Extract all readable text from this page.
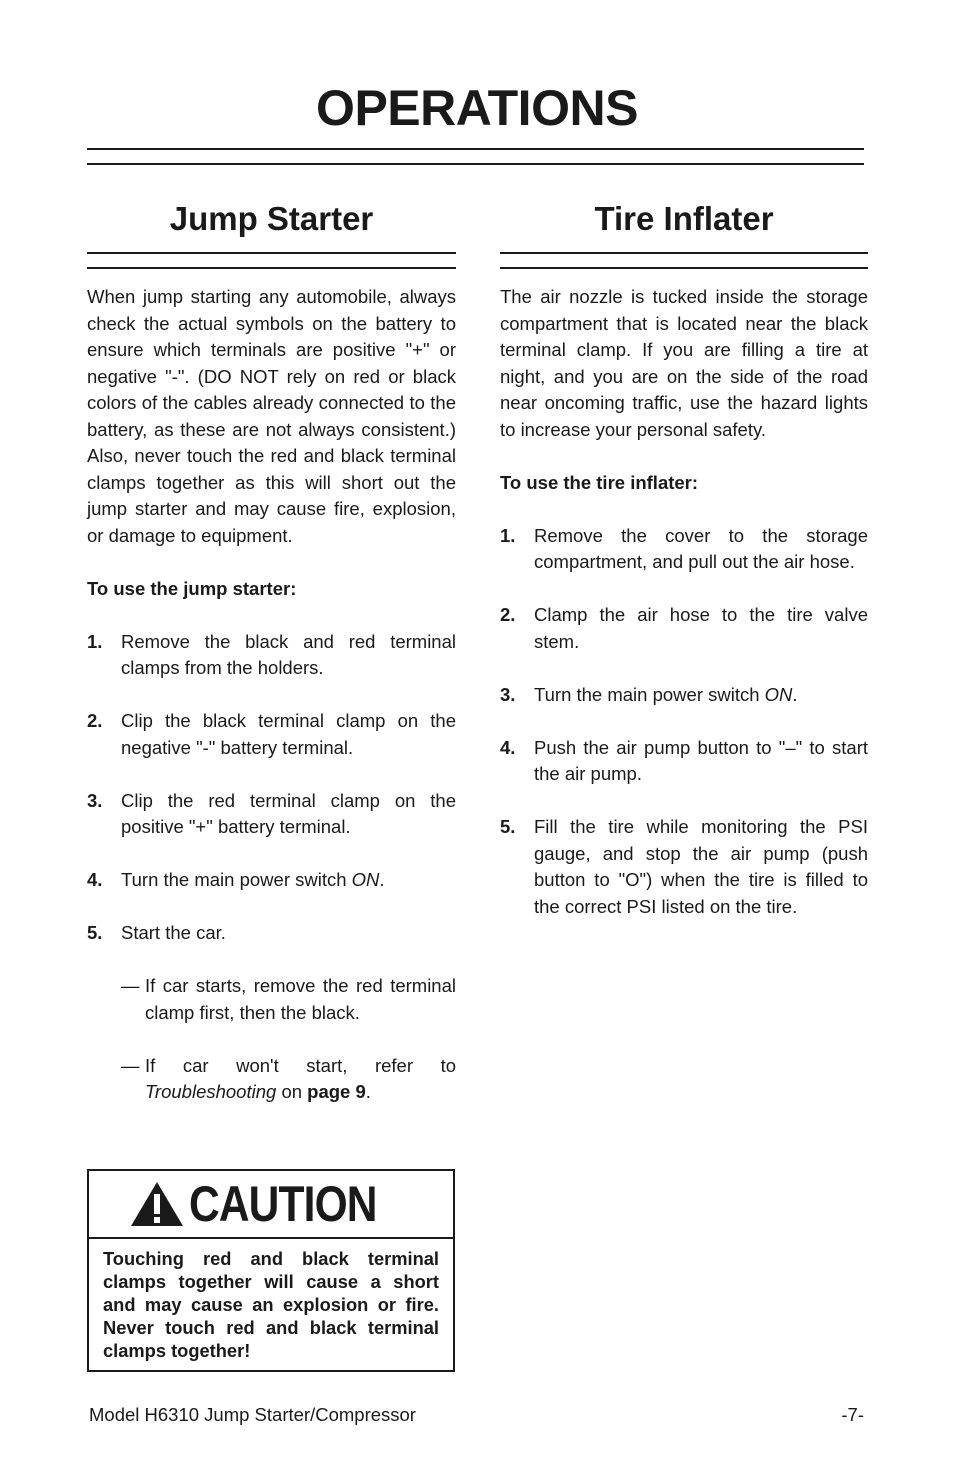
OPERATIONS
Jump Starter

When jump starting any automobile, always check the actual symbols on the battery to ensure which terminals are positive "+" or negative "-". (DO NOT rely on red or black colors of the cables already connected to the battery, as these are not always consistent.) Also, never touch the red and black terminal clamps together as this will short out the jump starter and may cause fire, explosion, or damage to equipment.

To use the jump starter:

1.	Remove the black and red terminal clamps from the holders.
2.	Clip the black terminal clamp on the negative "-" battery terminal.
3.	Clip the red terminal clamp on the positive "+" battery terminal.
4.	Turn the main power switch ON.
5.	Start the car.
— If car starts, remove the red terminal clamp first, then the black.
— If car won't start, refer to Troubleshooting on page 9.
CAUTION
Touching red and black terminal clamps together will cause a short and may cause an explosion or fire. Never touch red and black terminal clamps together!
Tire Inflater

The air nozzle is tucked inside the storage compartment that is located near the black terminal clamp. If you are filling a tire at night, and you are on the side of the road near oncoming traffic, use the hazard lights to increase your personal safety.

To use the tire inflater:

1.	Remove the cover to the storage compartment, and pull out the air hose.
2.	Clamp the air hose to the tire valve stem.
3.	Turn the main power switch ON.
4.	Push the air pump button to "–" to start the air pump.
5.	Fill the tire while monitoring the PSI gauge, and stop the air pump (push button to "O") when the tire is filled to the correct PSI listed on the tire.
Model H6310 Jump Starter/Compressor	-7-
